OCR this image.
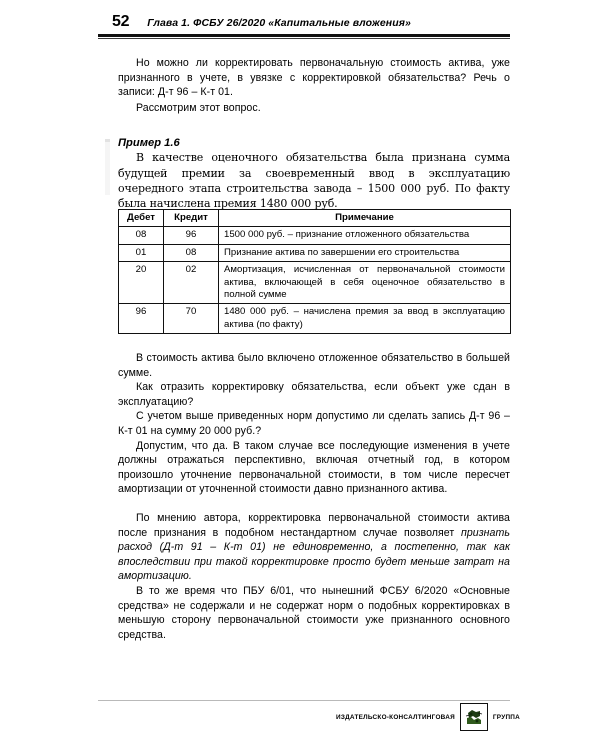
52 Глава 1. ФСБУ 26/2020 «Капитальные вложения»

Но можно ли корректировать первоначальную стоимость актива, уже признанного в учете, в увязке с корректировкой обязательства? Речь о записи: Д-т 96 – К-т 01.

Рассмотрим этот вопрос.

Пример 1.6

В качестве оценочного обязательства была признана сумма будущей премии за своевременный ввод в эксплуатацию очередного этапа строительства завода – 1500 000 руб. По факту была начислена премия 1480 000 руб.

Дебет	Кредит	Примечание
08	96	1500 000 руб. – признание отложенного обязательства
01	08	Признание актива по завершении его строительства
20	02	Амортизация, исчисленная от первоначальной стоимости актива, включающей в себя оценочное обязательство в полной сумме
96	70	1480 000 руб. – начислена премия за ввод в эксплуатацию актива (по факту)

В стоимость актива было включено отложенное обязательство в большей сумме.

Как отразить корректировку обязательства, если объект уже сдан в эксплуатацию?

С учетом выше приведенных норм допустимо ли сделать запись Д-т 96 – К-т 01 на сумму 20 000 руб.?

Допустим, что да. В таком случае все последующие изменения в учете должны отражаться перспективно, включая отчетный год, в котором произошло уточнение первоначальной стоимости, в том числе пересчет амортизации от уточненной стоимости давно признанного актива.

По мнению автора, корректировка первоначальной стоимости актива после признания в подобном нестандартном случае позволяет признать расход (Д-т 91 – К-т 01) не единовременно, а постепенно, так как впоследствии при такой корректировке просто будет меньше затрат на амортизацию.

В то же время что ПБУ 6/01, что нынешний ФСБУ 6/2020 «Основные средства» не содержали и не содержат норм о подобных корректировках в меньшую сторону первоначальной стоимости уже признанного основного средства.

ИЗДАТЕЛЬСКО-КОНСАЛТИНГОВАЯ	ГРУППА
